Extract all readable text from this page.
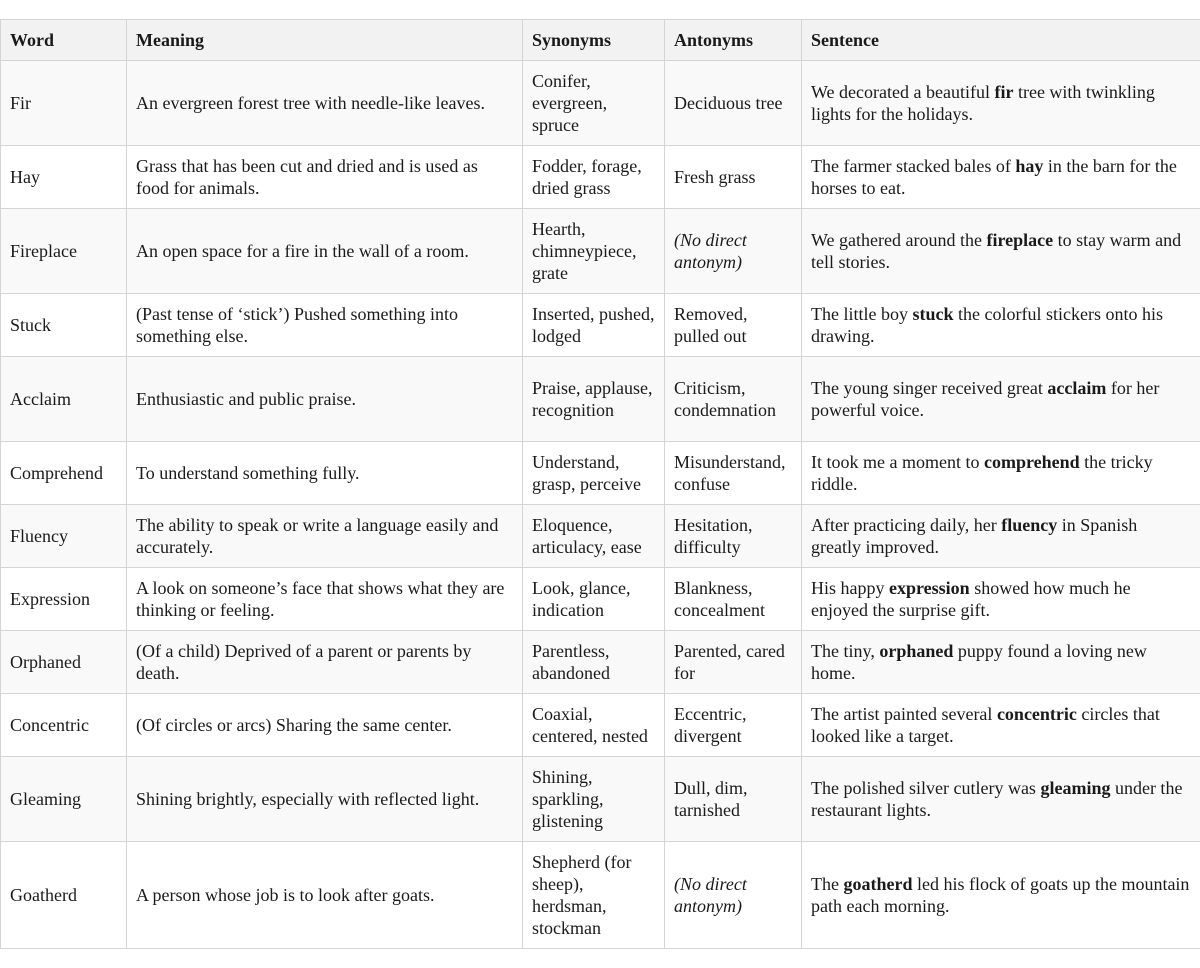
Word	Meaning	Synonyms	Antonyms	Sentence
Fir	An evergreen forest tree with needle-like leaves.	Conifer, evergreen, spruce	Deciduous tree	We decorated a beautiful fir tree with twinkling lights for the holidays.
Hay	Grass that has been cut and dried and is used as food for animals.	Fodder, forage, dried grass	Fresh grass	The farmer stacked bales of hay in the barn for the horses to eat.
Fireplace	An open space for a fire in the wall of a room.	Hearth, chimneypiece, grate	(No direct antonym)	We gathered around the fireplace to stay warm and tell stories.
Stuck	(Past tense of ‘stick’) Pushed something into something else.	Inserted, pushed, lodged	Removed, pulled out	The little boy stuck the colorful stickers onto his drawing.
Acclaim	Enthusiastic and public praise.	Praise, applause, recognition	Criticism, condemnation	The young singer received great acclaim for her powerful voice.
Comprehend	To understand something fully.	Understand, grasp, perceive	Misunderstand, confuse	It took me a moment to comprehend the tricky riddle.
Fluency	The ability to speak or write a language easily and accurately.	Eloquence, articulacy, ease	Hesitation, difficulty	After practicing daily, her fluency in Spanish greatly improved.
Expression	A look on someone’s face that shows what they are thinking or feeling.	Look, glance, indication	Blankness, concealment	His happy expression showed how much he enjoyed the surprise gift.
Orphaned	(Of a child) Deprived of a parent or parents by death.	Parentless, abandoned	Parented, cared for	The tiny, orphaned puppy found a loving new home.
Concentric	(Of circles or arcs) Sharing the same center.	Coaxial, centered, nested	Eccentric, divergent	The artist painted several concentric circles that looked like a target.
Gleaming	Shining brightly, especially with reflected light.	Shining, sparkling, glistening	Dull, dim, tarnished	The polished silver cutlery was gleaming under the restaurant lights.
Goatherd	A person whose job is to look after goats.	Shepherd (for sheep), herdsman, stockman	(No direct antonym)	The goatherd led his flock of goats up the mountain path each morning.
